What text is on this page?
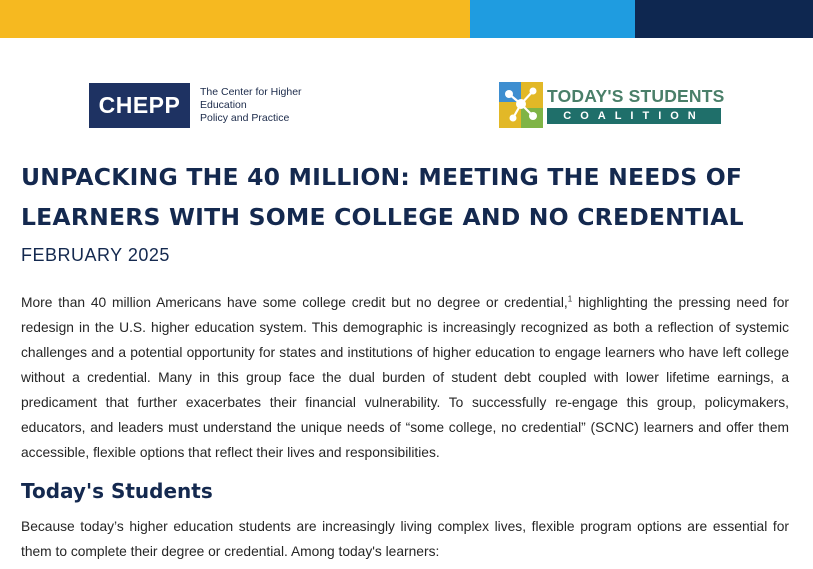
CHEPP	The Center for Higher Education
Policy and Practice
TODAY'S STUDENTS
COALITION
UNPACKING THE 40 MILLION: MEETING THE NEEDS OF
LEARNERS WITH SOME COLLEGE AND NO CREDENTIAL
FEBRUARY 2025

More than 40 million Americans have some college credit but no degree or credential,$^1$ highlighting the pressing need for redesign in the U.S. higher education system. This demographic is increasingly recognized as both a reflection of systemic challenges and a potential opportunity for states and institutions of higher education to engage learners who have left college without a credential. Many in this group face the dual burden of student debt coupled with lower lifetime earnings, a predicament that further exacerbates their financial vulnerability. To successfully re-engage this group, policymakers, educators, and leaders must understand the unique needs of “some college, no credential” (SCNC) learners and offer them accessible, flexible options that reflect their lives and responsibilities.

Today's Students

Because today’s higher education students are increasingly living complex lives, flexible program options are essential for them to complete their degree or credential. Among today's learners:
